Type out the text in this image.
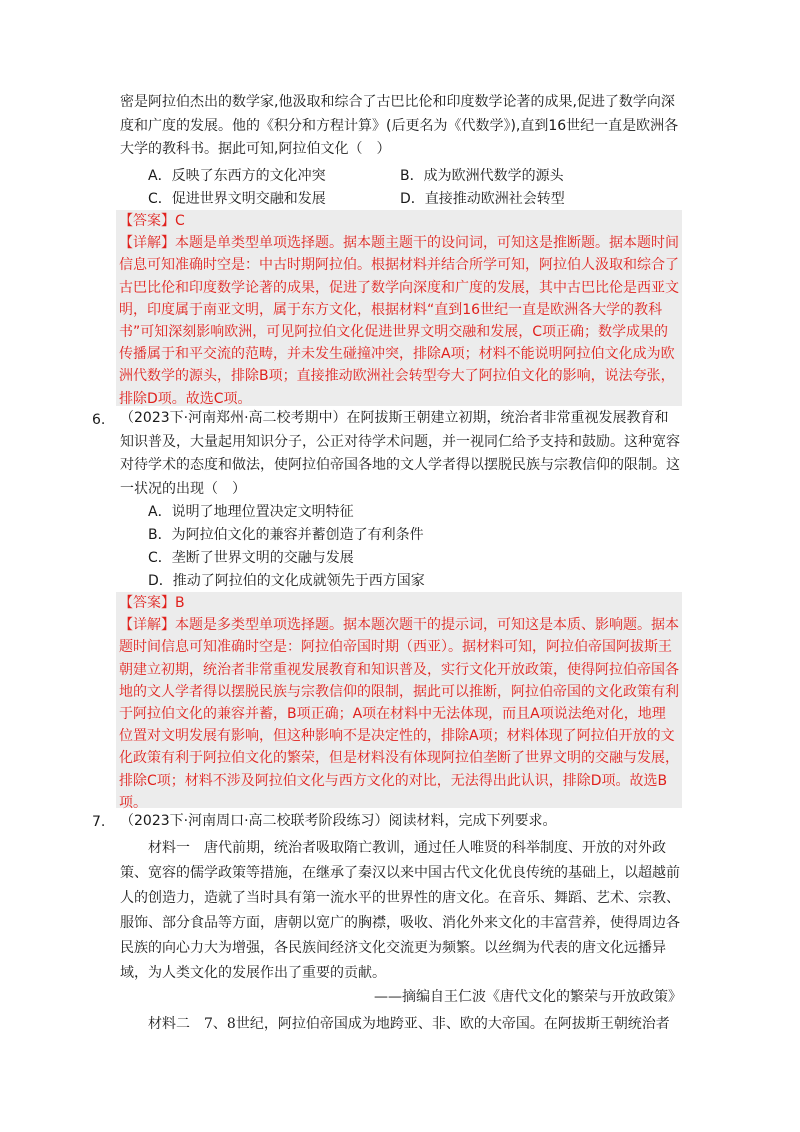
密是阿拉伯杰出的数学家,他汲取和综合了古巴比伦和印度数学论著的成果,促进了数学向深度和广度的发展。他的《积分和方程计算》(后更名为《代数学》),直到16世纪一直是欧洲各大学的教科书。据此可知,阿拉伯文化（　）

A．反映了东西方的文化冲突	B．成为欧洲代数学的源头
C．促进世界文明交融和发展	D．直接推动欧洲社会转型
【答案】C
【详解】本题是单类型单项选择题。据本题主题干的设问词，可知这是推断题。据本题时间信息可知准确时空是：中古时期阿拉伯。根据材料并结合所学可知，阿拉伯人汲取和综合了古巴比伦和印度数学论著的成果，促进了数学向深度和广度的发展，其中古巴比伦是西亚文明，印度属于南亚文明，属于东方文化，根据材料“直到16世纪一直是欧洲各大学的教科书”可知深刻影响欧洲，可见阿拉伯文化促进世界文明交融和发展，C项正确；数学成果的传播属于和平交流的范畴，并未发生碰撞冲突，排除A项；材料不能说明阿拉伯文化成为欧洲代数学的源头，排除B项；直接推动欧洲社会转型夸大了阿拉伯文化的影响，说法夸张，排除D项。故选C项。
6. （2023下·河南郑州·高二校考期中）在阿拔斯王朝建立初期，统治者非常重视发展教育和知识普及，大量起用知识分子，公正对待学术问题，并一视同仁给予支持和鼓励。这种宽容对待学术的态度和做法，使阿拉伯帝国各地的文人学者得以摆脱民族与宗教信仰的限制。这一状况的出现（　）
A．说明了地理位置决定文明特征
B．为阿拉伯文化的兼容并蓄创造了有利条件
C．垄断了世界文明的交融与发展
D．推动了阿拉伯的文化成就领先于西方国家
【答案】B
【详解】本题是多类型单项选择题。据本题次题干的提示词，可知这是本质、影响题。据本题时间信息可知准确时空是：阿拉伯帝国时期（西亚）。据材料可知，阿拉伯帝国阿拔斯王朝建立初期，统治者非常重视发展教育和知识普及，实行文化开放政策，使得阿拉伯帝国各地的文人学者得以摆脱民族与宗教信仰的限制，据此可以推断，阿拉伯帝国的文化政策有利于阿拉伯文化的兼容并蓄，B项正确；A项在材料中无法体现，而且A项说法绝对化，地理位置对文明发展有影响，但这种影响不是决定性的，排除A项；材料体现了阿拉伯开放的文化政策有利于阿拉伯文化的繁荣，但是材料没有体现阿拉伯垄断了世界文明的交融与发展，排除C项；材料不涉及阿拉伯文化与西方文化的对比，无法得出此认识，排除D项。故选B项。
7. （2023下·河南周口·高二校联考阶段练习）阅读材料，完成下列要求。
材料一　唐代前期，统治者吸取隋亡教训，通过任人唯贤的科举制度、开放的对外政策、宽容的儒学政策等措施，在继承了秦汉以来中国古代文化优良传统的基础上，以超越前人的创造力，造就了当时具有第一流水平的世界性的唐文化。在音乐、舞蹈、艺术、宗教、服饰、部分食品等方面，唐朝以宽广的胸襟，吸收、消化外来文化的丰富营养，使得周边各民族的向心力大为增强，各民族间经济文化交流更为频繁。以丝绸为代表的唐文化远播异域，为人类文化的发展作出了重要的贡献。
——摘编自王仁波《唐代文化的繁荣与开放政策》
材料二　7、8世纪，阿拉伯帝国成为地跨亚、非、欧的大帝国。在阿拔斯王朝统治者
